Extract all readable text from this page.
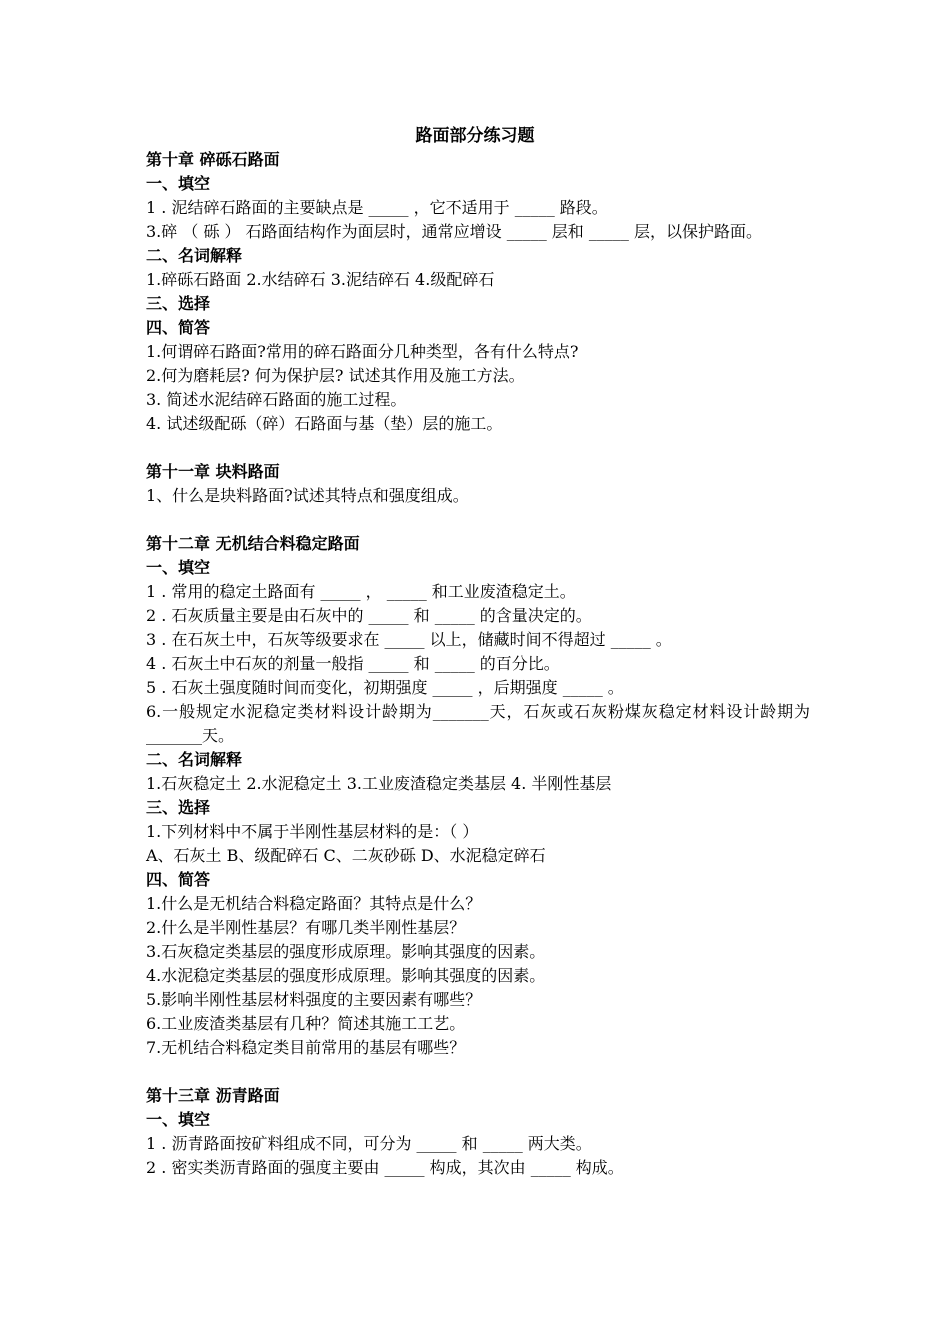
路面部分练习题
第十章 碎砾石路面
一、填空
1 . 泥结碎石路面的主要缺点是 _____ ，它不适用于 _____ 路段。
3.碎 （ 砾 ） 石路面结构作为面层时，通常应增设 _____ 层和 _____ 层，以保护路面。
二、名词解释
1.碎砾石路面 2.水结碎石 3.泥结碎石 4.级配碎石
三、选择
四、简答
1.何谓碎石路面?常用的碎石路面分几种类型，各有什么特点?
2.何为磨耗层? 何为保护层? 试述其作用及施工方法。
3. 简述水泥结碎石路面的施工过程。
4. 试述级配砾（碎）石路面与基（垫）层的施工。
第十一章 块料路面
1、什么是块料路面?试述其特点和强度组成。
第十二章 无机结合料稳定路面
一、填空
1 . 常用的稳定土路面有 _____ ， _____ 和工业废渣稳定土。
2 . 石灰质量主要是由石灰中的 _____ 和 _____ 的含量决定的。
3 . 在石灰土中，石灰等级要求在 _____ 以上，储藏时间不得超过 _____ 。
4 . 石灰土中石灰的剂量一般指 _____ 和 _____ 的百分比。
5 . 石灰土强度随时间而变化，初期强度 _____ ，后期强度 _____ 。
6.一般规定水泥稳定类材料设计龄期为_______天，石灰或石灰粉煤灰稳定材料设计龄期为_______天。
二、名词解释
1.石灰稳定土 2.水泥稳定土 3.工业废渣稳定类基层 4. 半刚性基层
三、选择
1.下列材料中不属于半刚性基层材料的是：（ ）
A、石灰土 B、级配碎石 C、二灰砂砾 D、水泥稳定碎石
四、简答
1.什么是无机结合料稳定路面？其特点是什么？
2.什么是半刚性基层？有哪几类半刚性基层？
3.石灰稳定类基层的强度形成原理。影响其强度的因素。
4.水泥稳定类基层的强度形成原理。影响其强度的因素。
5.影响半刚性基层材料强度的主要因素有哪些？
6.工业废渣类基层有几种？简述其施工工艺。
7.无机结合料稳定类目前常用的基层有哪些？
第十三章 沥青路面
一、填空
1 . 沥青路面按矿料组成不同，可分为 _____ 和 _____ 两大类。
2 . 密实类沥青路面的强度主要由 _____ 构成，其次由 _____ 构成。
